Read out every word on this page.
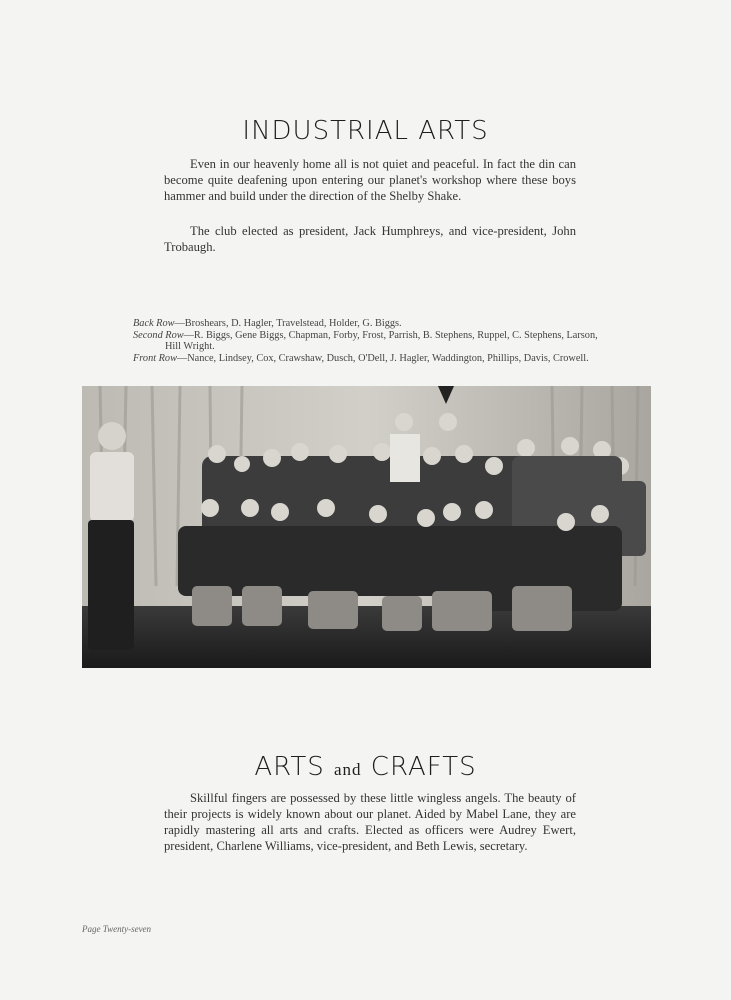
INDUSTRIAL ARTS

Even in our heavenly home all is not quiet and peaceful. In fact the din can become quite deafening upon entering our planet's workshop where these boys hammer and build under the direction of the Shelby Shake.

The club elected as president, Jack Humphreys, and vice-president, John Trobaugh.

Back Row—Broshears, D. Hagler, Travelstead, Holder, G. Biggs.

Second Row—R. Biggs, Gene Biggs, Chapman, Forby, Frost, Parrish, B. Stephens, Ruppel, C. Stephens, Larson, Hill Wright.

Front Row—Nance, Lindsey, Cox, Crawshaw, Dusch, O'Dell, J. Hagler, Waddington, Phillips, Davis, Crowell.

ARTS and CRAFTS

Skillful fingers are possessed by these little wingless angels. The beauty of their projects is widely known about our planet. Aided by Mabel Lane, they are rapidly mastering all arts and crafts. Elected as officers were Audrey Ewert, president, Charlene Williams, vice-president, and Beth Lewis, secretary.

Page Twenty-seven
